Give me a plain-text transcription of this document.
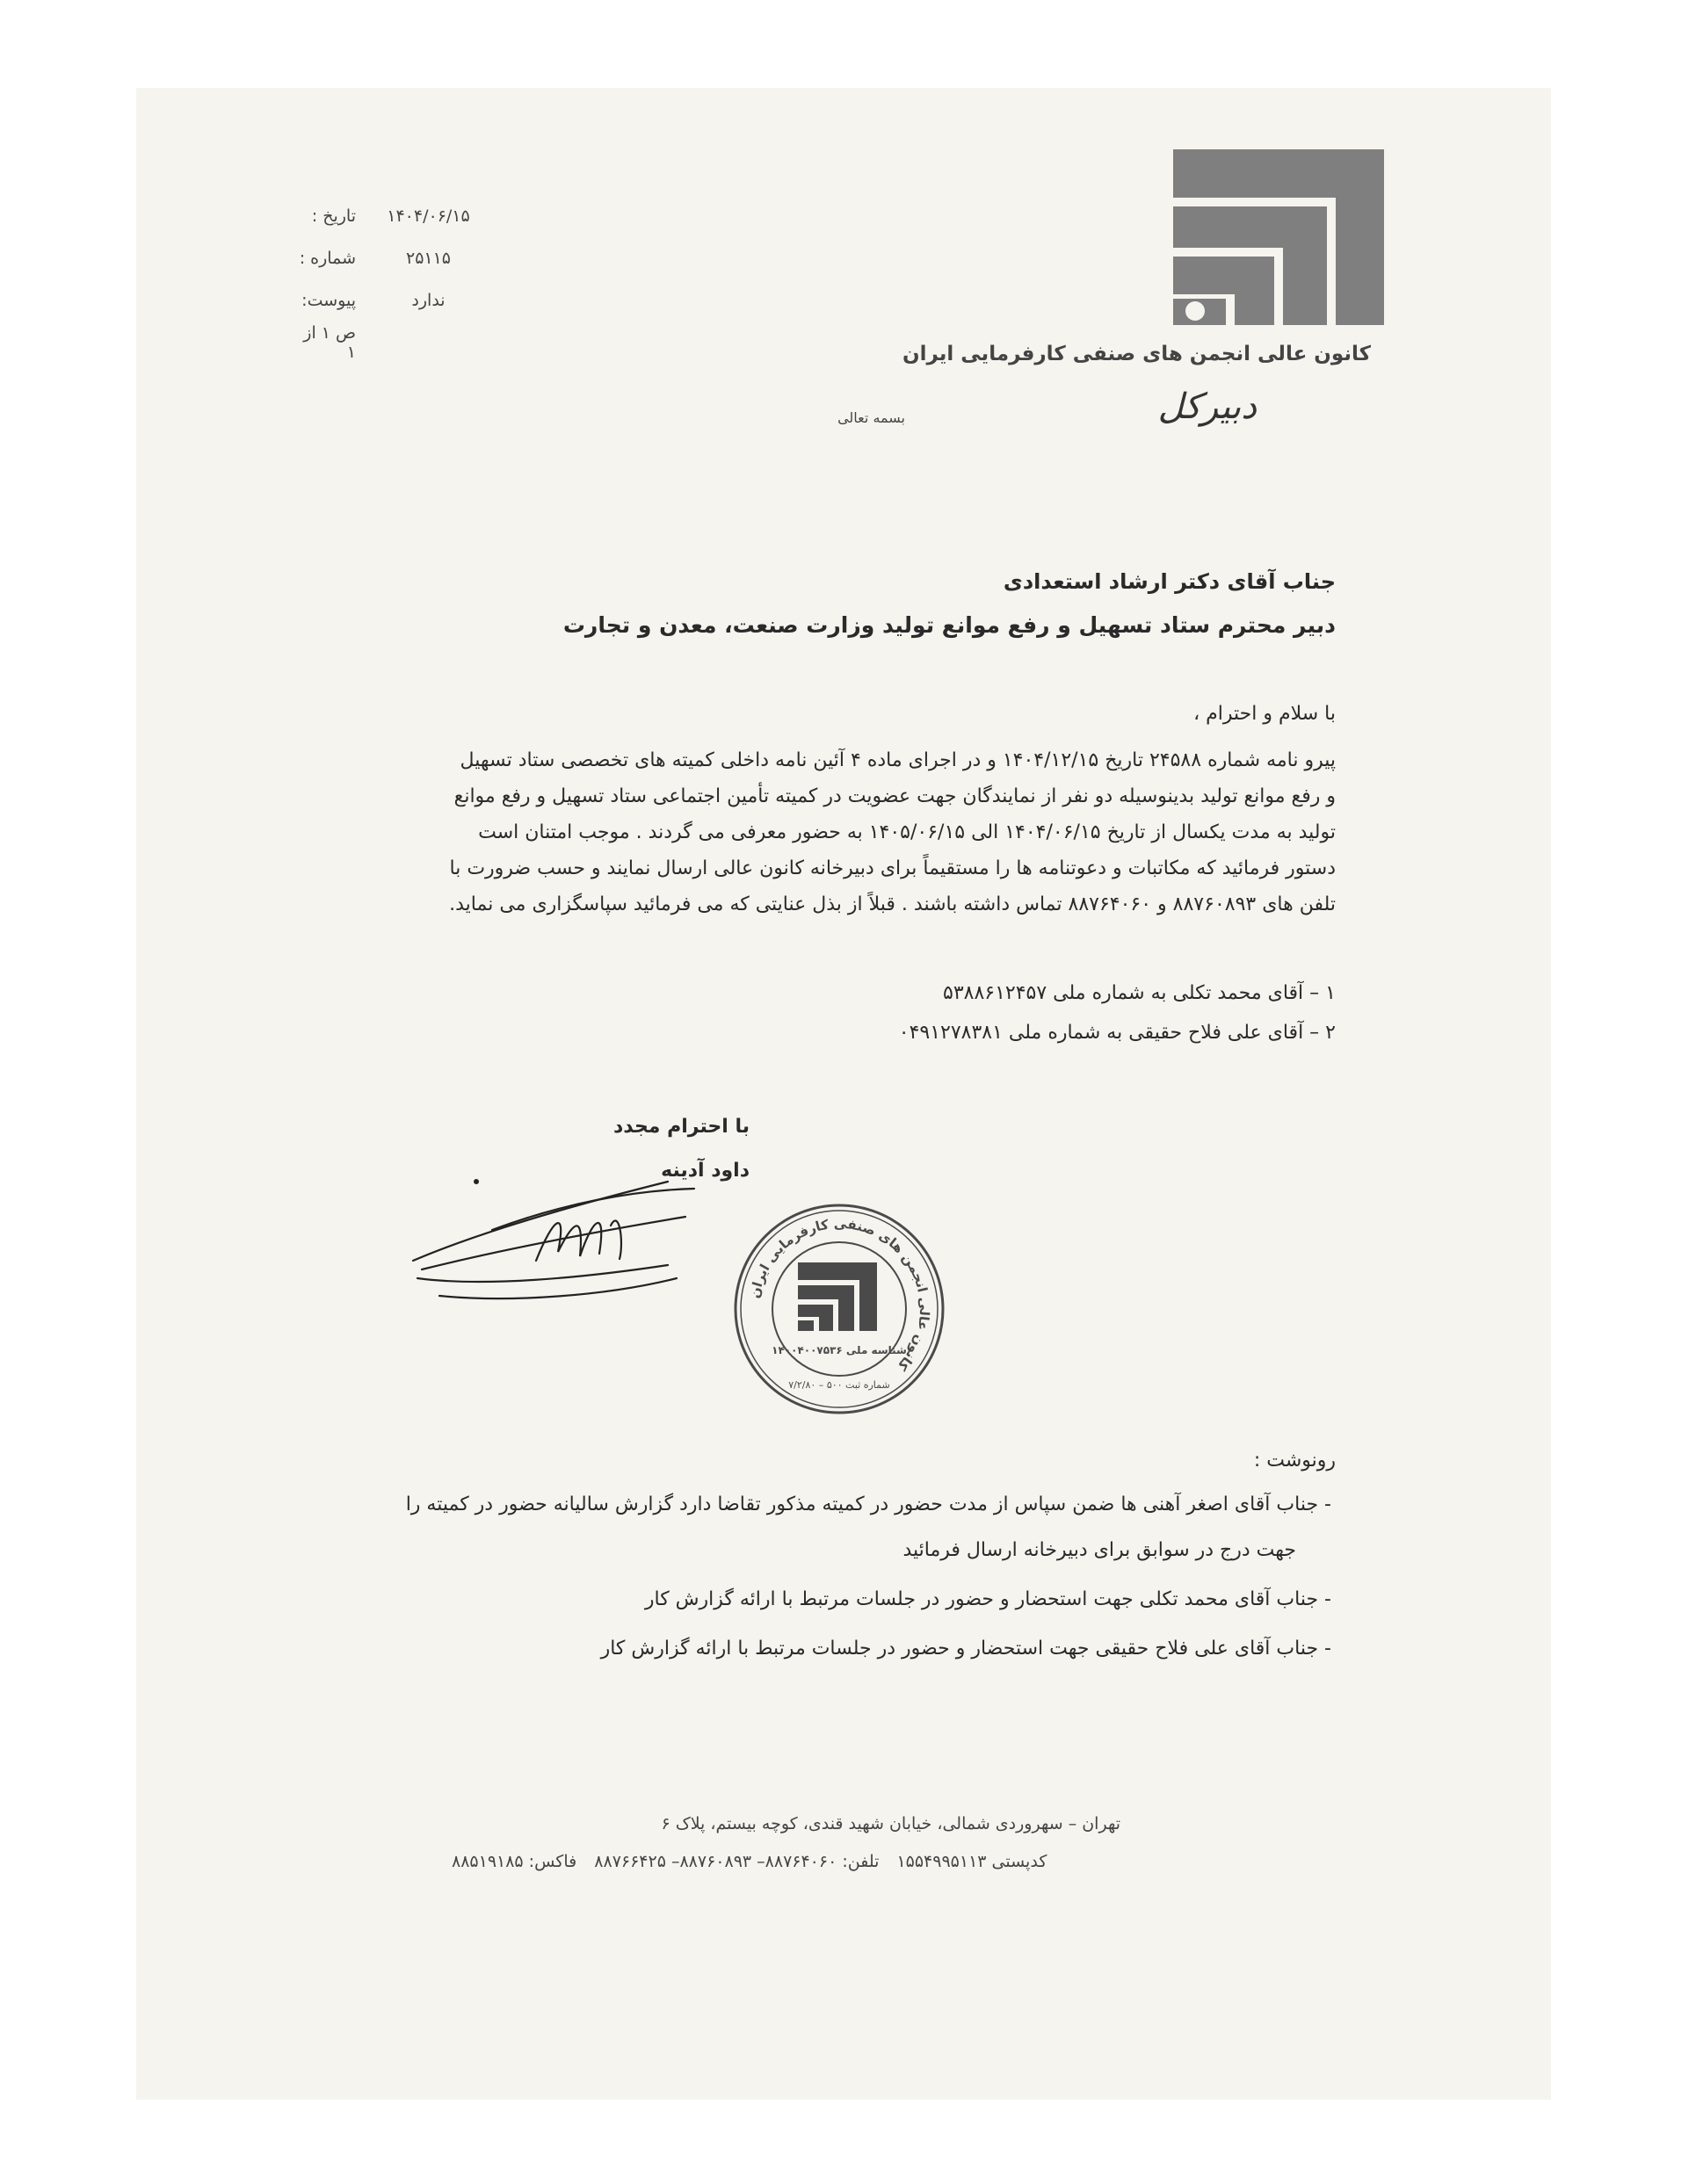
کانون عالی انجمن های صنفی کارفرمایی ایران
دبیرکل
بسمه تعالی
تاریخ :	۱۴۰۴/۰۶/۱۵
شماره :	۲۵۱۱۵
پیوست:	ندارد
ص ۱ از ۱
جناب آقای دکتر ارشاد استعدادی
دبیر محترم ستاد تسهیل و رفع موانع تولید وزارت صنعت، معدن و تجارت
با سلام و احترام ،
پیرو نامه شماره ۲۴۵۸۸ تاریخ ۱۴۰۴/۱۲/۱۵ و در اجرای ماده ۴ آئین نامه داخلی کمیته های تخصصی ستاد تسهیل
و رفع موانع تولید بدینوسیله دو نفر از نمایندگان جهت عضویت در کمیته تأمین اجتماعی ستاد تسهیل و رفع موانع
تولید به مدت یکسال از تاریخ ۱۴۰۴/۰۶/۱۵ الی ۱۴۰۵/۰۶/۱۵ به حضور معرفی می گردند . موجب امتنان است
دستور فرمائید که مکاتبات و دعوتنامه ها را مستقیماً برای دبیرخانه کانون عالی ارسال نمایند و حسب ضرورت با
تلفن های ۸۸۷۶۰۸۹۳ و ۸۸۷۶۴۰۶۰ تماس داشته باشند . قبلاً از بذل عنایتی که می فرمائید سپاسگزاری می نماید.
۱ – آقای محمد تکلی به شماره ملی ۵۳۸۸۶۱۲۴۵۷
۲ – آقای علی فلاح حقیقی به شماره ملی ۰۴۹۱۲۷۸۳۸۱
با احترام مجدد
داود آدینه
کانون عالی انجمن های صنفی کارفرمایی ایران
شناسه ملی ۱۴۰۰۴۰۰۷۵۳۶
شماره ثبت ۵۰۰ – ۷/۲/۸۰
رونوشت :
- جناب آقای اصغر آهنی ها ضمن سپاس از مدت حضور در کمیته مذکور تقاضا دارد گزارش سالیانه حضور در کمیته را
جهت درج در سوابق برای دبیرخانه ارسال فرمائید
- جناب آقای محمد تکلی جهت استحضار و حضور در جلسات مرتبط با ارائه گزارش کار
- جناب آقای علی فلاح حقیقی جهت استحضار و حضور در جلسات مرتبط با ارائه گزارش کار
تهران – سهروردی شمالی، خیابان شهید قندی، کوچه بیستم، پلاک ۶
کدپستی ۱۵۵۴۹۹۵۱۱۳ تلفن: ۸۸۷۶۴۰۶۰– ۸۸۷۶۰۸۹۳– ۸۸۷۶۶۴۲۵ فاکس: ۸۸۵۱۹۱۸۵
